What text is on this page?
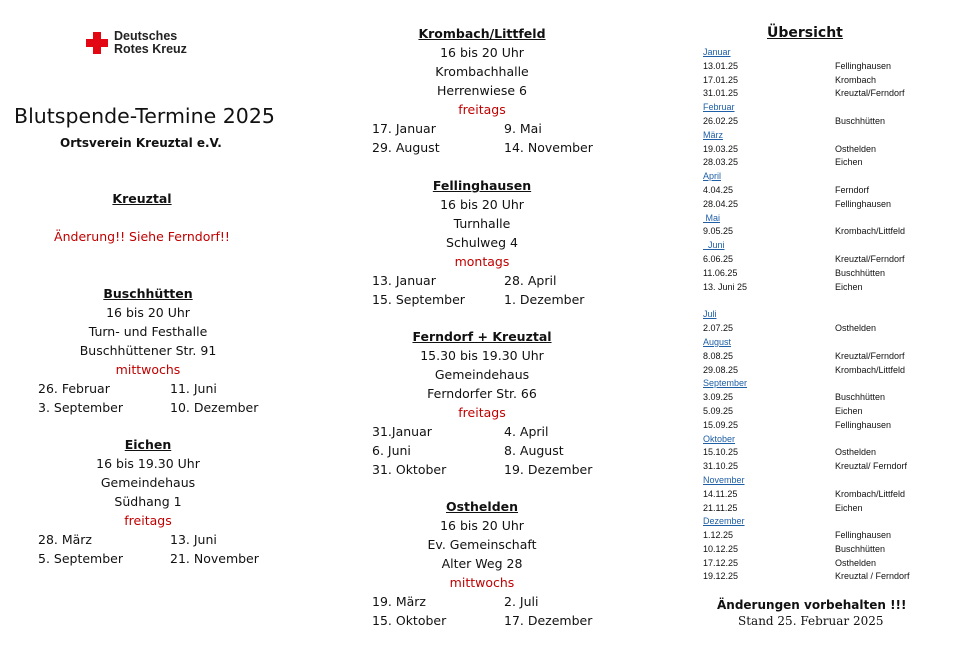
Deutsches
Rotes Kreuz
Blutspende-Termine 2025
Ortsverein Kreuztal e.V.
Kreuztal
Änderung!! Siehe Ferndorf!!
Buschhütten
16 bis 20 Uhr
Turn- und Festhalle
Buschhüttener Str. 91
mittwochs
26. Februar	11. Juni
3. September	10. Dezember
Eichen
16 bis 19.30 Uhr
Gemeindehaus
Südhang 1
freitags
28. März	13. Juni
5. September	21. November
Krombach/Littfeld
16 bis 20 Uhr
Krombachhalle
Herrenwiese 6
freitags
17. Januar	9. Mai
29. August	14. November
Fellinghausen
16 bis 20 Uhr
Turnhalle
Schulweg 4
montags
13. Januar	28. April
15. September	1. Dezember
Ferndorf + Kreuztal
15.30 bis 19.30 Uhr
Gemeindehaus
Ferndorfer Str. 66
freitags
31.Januar	4. April
6. Juni	8. August
31. Oktober	19. Dezember
Osthelden
16 bis 20 Uhr
Ev. Gemeinschaft
Alter Weg 28
mittwochs
19. März	2. Juli
15. Oktober	17. Dezember
Übersicht
Januar
13.01.25	Fellinghausen
17.01.25	Krombach
31.01.25	Kreuztal/Ferndorf
Februar
26.02.25	Buschhütten
März
19.03.25	Osthelden
28.03.25	Eichen
April
4.04.25	Ferndorf
28.04.25	Fellinghausen
Mai
9.05.25	Krombach/Littfeld
Juni
6.06.25	Kreuztal/Ferndorf
11.06.25	Buschhütten
13. Juni 25	Eichen
Juli
2.07.25	Osthelden
August
8.08.25	Kreuztal/Ferndorf
29.08.25	Krombach/Littfeld
September
3.09.25	Buschhütten
5.09.25	Eichen
15.09.25	Fellinghausen
Oktober
15.10.25	Osthelden
31.10.25	Kreuztal/ Ferndorf
November
14.11.25	Krombach/Littfeld
21.11.25	Eichen
Dezember
1.12.25	Fellinghausen
10.12.25	Buschhütten
17.12.25	Osthelden
19.12.25	Kreuztal / Ferndorf
Änderungen vorbehalten !!!
Stand 25. Februar 2025
